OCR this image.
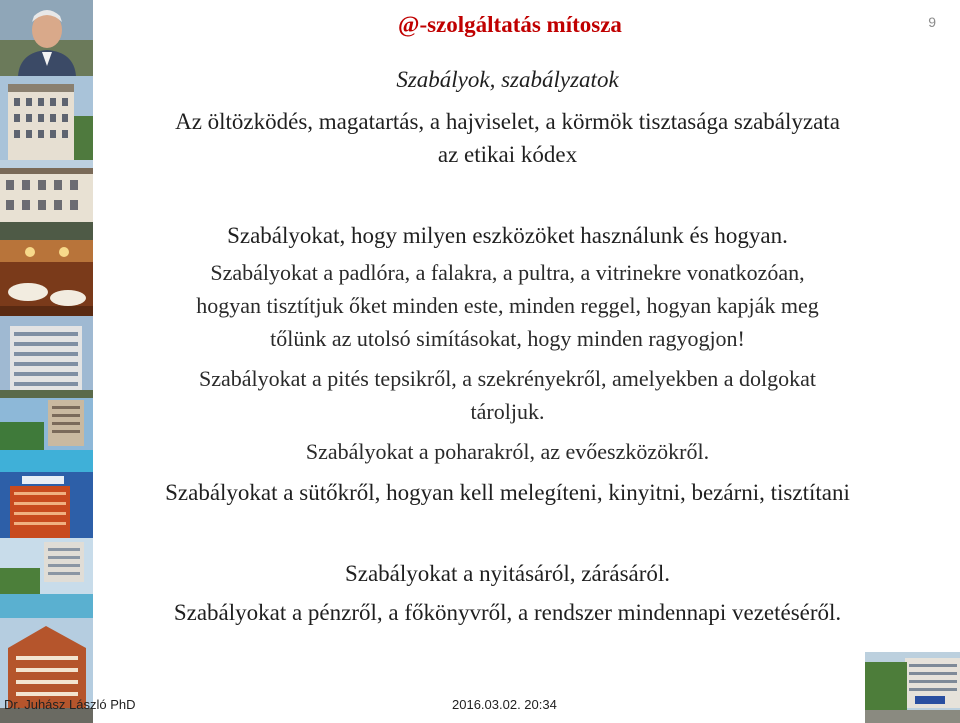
@-szolgáltatás mítosza	9
Szabályok, szabályzatok
Az öltözködés, magatartás, a hajviselet, a körmök tisztasága szabályzata
az etikai kódex
Szabályokat, hogy milyen eszközöket használunk és hogyan.
Szabályokat a padlóra, a falakra, a pultra, a vitrinekre vonatkozóan,
hogyan tisztítjuk őket minden este, minden reggel, hogyan kapják meg
tőlünk az utolsó simításokat, hogy minden ragyogjon!
Szabályokat a pités tepsikről, a szekrényekről, amelyekben a dolgokat
tároljuk.
Szabályokat a poharakról, az evőeszközökről.
Szabályokat a sütőkről, hogyan kell melegíteni, kinyitni, bezárni, tisztítani
Szabályokat a nyitásáról, zárásáról.
Szabályokat a pénzről, a főkönyvről, a rendszer mindennapi vezetéséről.
Dr. Juhász László PhD	2016.03.02. 20:34
